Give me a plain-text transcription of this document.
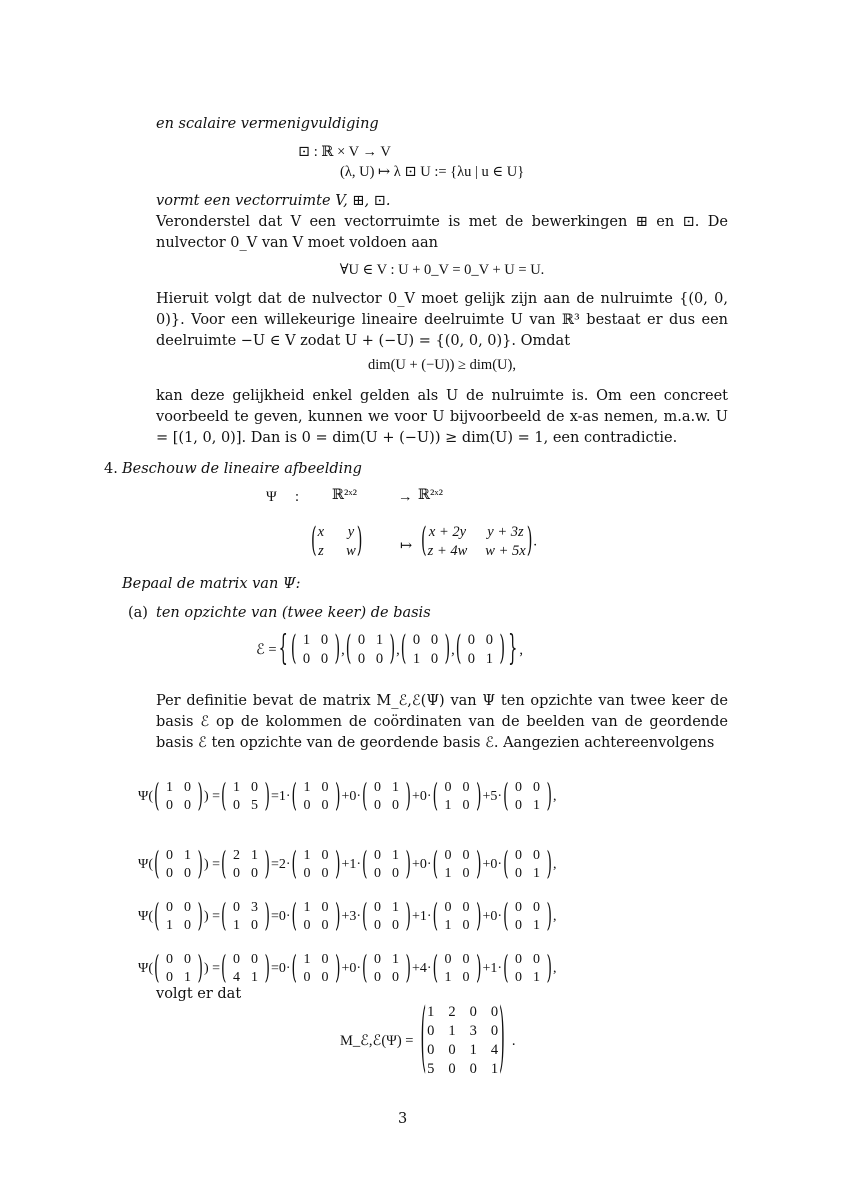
en scalaire vermenigvuldiging
⊡ : ℝ × V → V
(λ, U) ↦ λ ⊡ U := {λu | u ∈ U}
vormt een vectorruimte V, ⊞, ⊡.
Veronderstel dat V een vectorruimte is met de bewerkingen ⊞ en ⊡. De nulvector 0_V van V moet voldoen aan
∀U ∈ V : U + 0_V = 0_V + U = U.
Hieruit volgt dat de nulvector 0_V moet gelijk zijn aan de nulruimte {(0, 0, 0)}. Voor een willekeurige lineaire deelruimte U van ℝ³ bestaat er dus een deelruimte −U ∈ V zodat U + (−U) = {(0, 0, 0)}. Omdat
dim(U + (−U)) ≥ dim(U),
kan deze gelijkheid enkel gelden als U de nulruimte is. Om een concreet voorbeeld te geven, kunnen we voor U bijvoorbeeld de x-as nemen, m.a.w. U = [(1, 0, 0)]. Dan is 0 = dim(U + (−U)) ≥ dim(U) = 1, een contradictie.
4. Beschouw de lineaire afbeelding
Ψ : ℝ²ˣ²	→ ℝ²ˣ²
( x y
z w )	↦ ( x + 2y y + 3z
z + 4w w + 5x ) .
Bepaal de matrix van Ψ:
(a) ten opzichte van (twee keer) de basis
ℰ = { ( 1 0
0 0 ) , ( 0 1
0 0 ) , ( 0 0
1 0 ) , ( 0 0
0 1 ) } ,
Per definitie bevat de matrix M_ℰ,ℰ(Ψ) van Ψ ten opzichte van twee keer de basis ℰ op de kolommen de coördinaten van de beelden van de geordende basis ℰ ten opzichte van de geordende basis ℰ. Aangezien achtereenvolgens
Ψ ( ( 1 0
0 0 ) ) = ( 1 0
0 5 ) = 1 · ( 1 0
0 0 ) + 0 · ( 0 1
0 0 ) + 0 · ( 0 0
1 0 ) + 5 · ( 0 0
0 1 ) ,
Ψ ( ( 0 1
0 0 ) ) = ( 2 1
0 0 ) = 2 · ( 1 0
0 0 ) + 1 · ( 0 1
0 0 ) + 0 · ( 0 0
1 0 ) + 0 · ( 0 0
0 1 ) ,
Ψ ( ( 0 0
1 0 ) ) = ( 0 3
1 0 ) = 0 · ( 1 0
0 0 ) + 3 · ( 0 1
0 0 ) + 1 · ( 0 0
1 0 ) + 0 · ( 0 0
0 1 ) ,
Ψ ( ( 0 0
0 1 ) ) = ( 0 0
4 1 ) = 0 · ( 1 0
0 0 ) + 0 · ( 0 1
0 0 ) + 4 · ( 0 0
1 0 ) + 1 · ( 0 0
0 1 ) ,
volgt er dat
M_ℰ,ℰ(Ψ) = ( 1 2 0 0
0 1 3 0
0 0 1 4
5 0 0 1 ) .
3
